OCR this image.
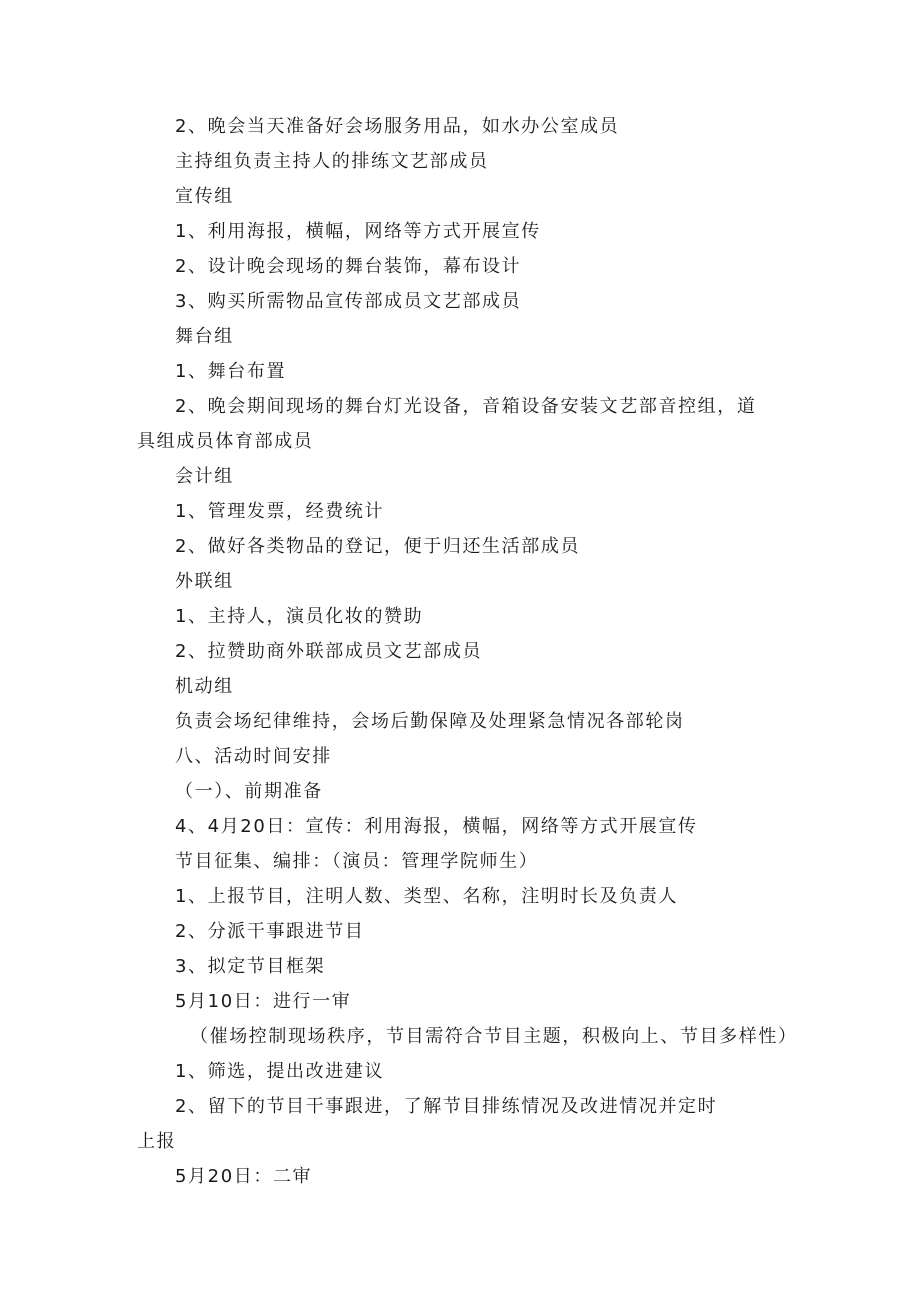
2、晚会当天准备好会场服务用品，如水办公室成员
主持组负责主持人的排练文艺部成员
宣传组
1、利用海报，横幅，网络等方式开展宣传
2、设计晚会现场的舞台装饰，幕布设计
3、购买所需物品宣传部成员文艺部成员
舞台组
1、舞台布置
2、晚会期间现场的舞台灯光设备，音箱设备安装文艺部音控组，道
具组成员体育部成员
会计组
1、管理发票，经费统计
2、做好各类物品的登记，便于归还生活部成员
外联组
1、主持人，演员化妆的赞助
2、拉赞助商外联部成员文艺部成员
机动组
负责会场纪律维持，会场后勤保障及处理紧急情况各部轮岗
八、活动时间安排
（一）、前期准备
4、4月20日：宣传：利用海报，横幅，网络等方式开展宣传
节目征集、编排：（演员：管理学院师生）
1、上报节目，注明人数、类型、名称，注明时长及负责人
2、分派干事跟进节目
3、拟定节目框架
5月10日：进行一审
（催场控制现场秩序，节目需符合节目主题，积极向上、节目多样性）
1、筛选，提出改进建议
2、留下的节目干事跟进，了解节目排练情况及改进情况并定时
上报
5月20日：二审
